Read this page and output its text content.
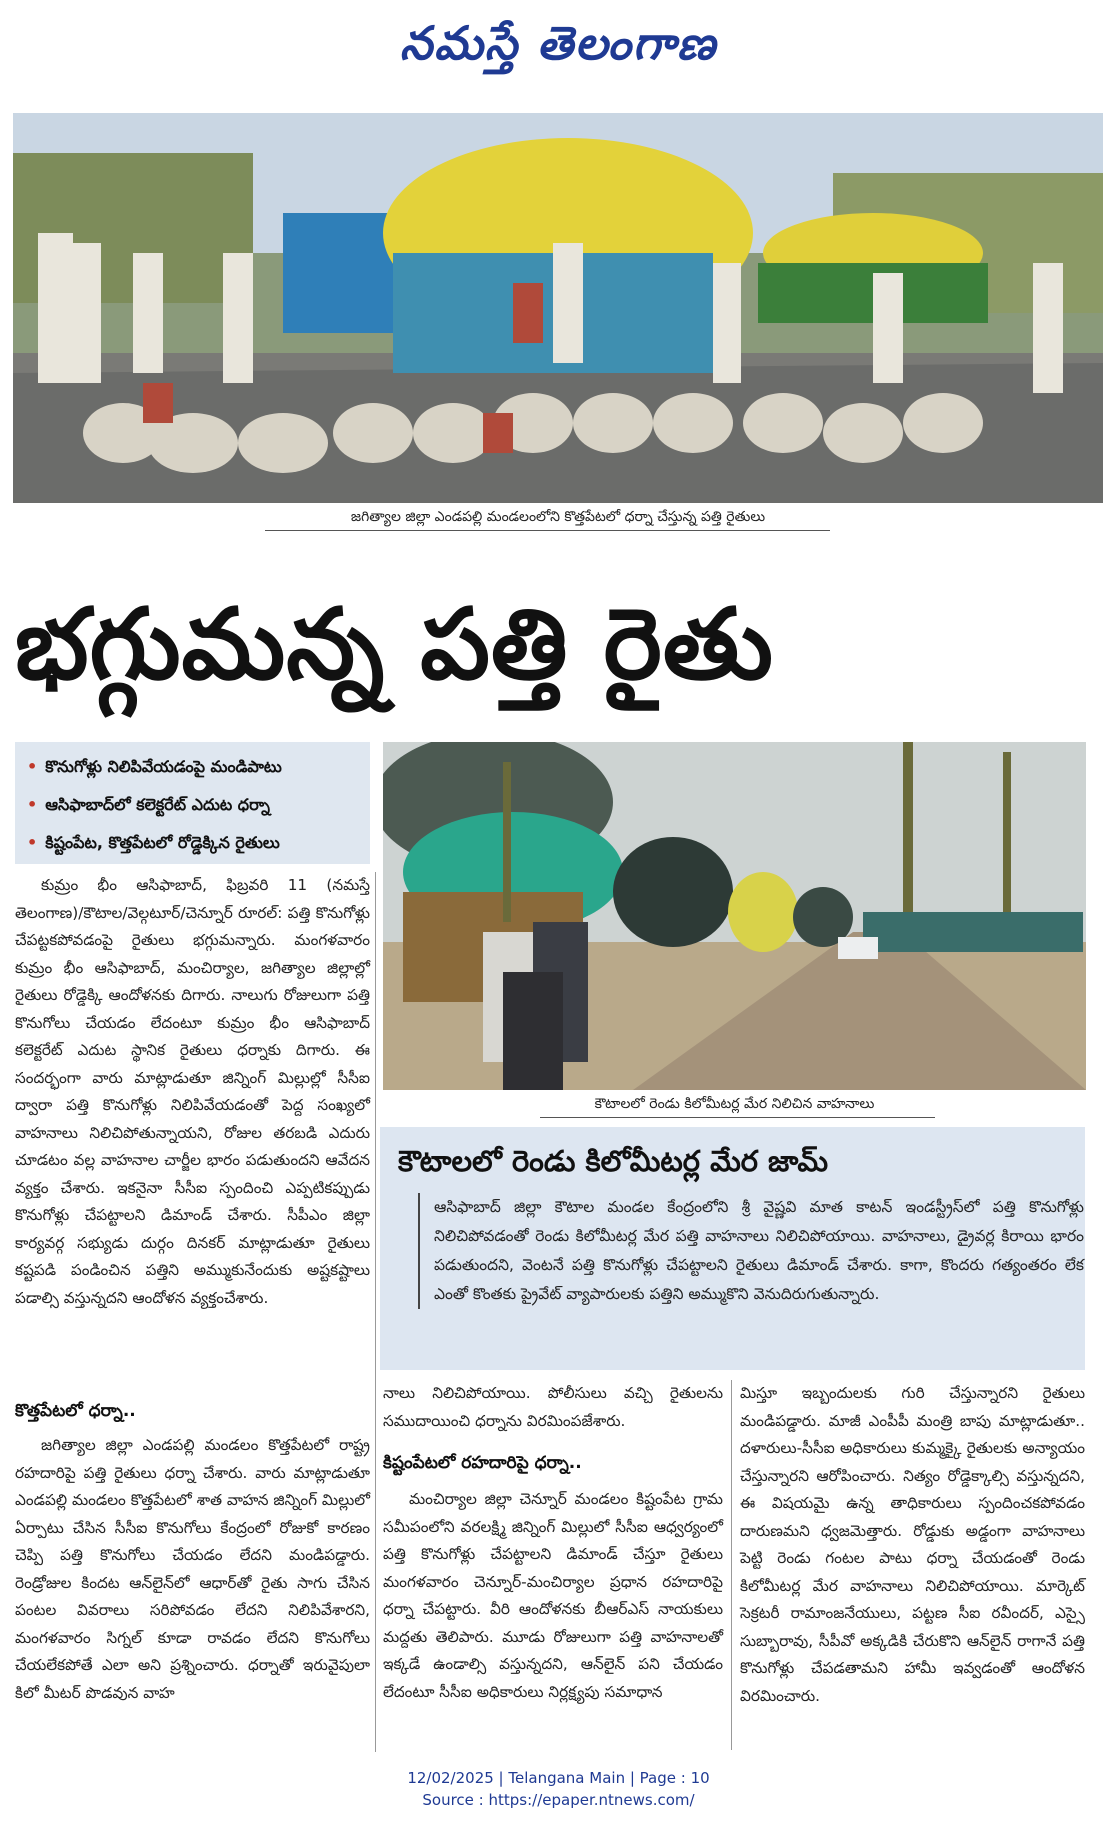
నమస్తే తెలంగాణ
జగిత్యాల జిల్లా ఎండపల్లి మండలంలోని కొత్తపేటలో ధర్నా చేస్తున్న పత్తి రైతులు
భగ్గుమన్న పత్తి రైతు
• కొనుగోళ్లు నిలిపివేయడంపై మండిపాటు
• ఆసిఫాబాద్‌లో కలెక్టరేట్ ఎదుట ధర్నా
• కిష్టంపేట, కొత్తపేటలో రోడ్డెక్కిన రైతులు
కౌటాలలో రెండు కిలోమీటర్ల మేర నిలిచిన వాహనాలు

కుమ్రం భీం ఆసిఫాబాద్, ఫిబ్రవరి 11 (నమస్తే తెలంగాణ)/కౌటాల/వెల్గటూర్/చెన్నూర్ రూరల్: పత్తి కొనుగోళ్లు చేపట్టకపోవడంపై రైతులు భగ్గుమన్నారు. మంగళవారం కుమ్రం భీం ఆసిఫాబాద్, మంచిర్యాల, జగిత్యాల జిల్లాల్లో రైతులు రోడ్డెక్కి ఆందోళనకు దిగారు. నాలుగు రోజులుగా పత్తి కొనుగోలు చేయడం లేదంటూ కుమ్రం భీం ఆసిఫాబాద్ కలెక్టరేట్ ఎదుట స్థానిక రైతులు ధర్నాకు దిగారు. ఈ సందర్భంగా వారు మాట్లాడుతూ జిన్నింగ్ మిల్లుల్లో సీసీఐ ద్వారా పత్తి కొనుగోళ్లు నిలిపివేయడంతో పెద్ద సంఖ్యలో వాహనాలు నిలిచిపోతున్నాయని, రోజుల తరబడి ఎదురు చూడటం వల్ల వాహనాల చార్జీల భారం పడుతుందని ఆవేదన వ్యక్తం చేశారు. ఇకనైనా సీసీఐ స్పందించి ఎప్పటికప్పుడు కొనుగోళ్లు చేపట్టాలని డిమాండ్ చేశారు. సీపీఎం జిల్లా కార్యవర్గ సభ్యుడు దుర్గం దినకర్ మాట్లాడుతూ రైతులు కష్టపడి పండించిన పత్తిని అమ్ముకునేందుకు అష్టకష్టాలు పడాల్సి వస్తున్నదని ఆందోళన వ్యక్తంచేశారు.

కొత్తపేటలో ధర్నా..

జగిత్యాల జిల్లా ఎండపల్లి మండలం కొత్తపేటలో రాష్ట్ర రహదారిపై పత్తి రైతులు ధర్నా చేశారు. వారు మాట్లాడుతూ ఎండపల్లి మండలం కొత్తపేటలో శాత వాహన జిన్నింగ్ మిల్లులో ఏర్పాటు చేసిన సీసీఐ కొనుగోలు కేంద్రంలో రోజుకో కారణం చెప్పి పత్తి కొనుగోలు చేయడం లేదని మండిపడ్డారు. రెండ్రోజుల కిందట ఆన్‌లైన్‌లో ఆధార్‌తో రైతు సాగు చేసిన పంటల వివరాలు సరిపోవడం లేదని నిలిపివేశారని, మంగళవారం సిగ్నల్ కూడా రావడం లేదని కొనుగోలు చేయలేకపోతే ఎలా అని ప్రశ్నించారు. ధర్నాతో ఇరువైపులా కిలో మీటర్ పొడవున వాహ

కౌటాలలో రెండు కిలోమీటర్ల మేర జామ్
ఆసిఫాబాద్ జిల్లా కౌటాల మండల కేంద్రంలోని శ్రీ వైష్ణవి మాత కాటన్ ఇండస్ట్రీస్‌లో పత్తి కొనుగోళ్లు నిలిచిపోవడంతో రెండు కిలోమీటర్ల మేర పత్తి వాహనాలు నిలిచిపోయాయి. వాహనాలు, డ్రైవర్ల కిరాయి భారం పడుతుందని, వెంటనే పత్తి కొనుగోళ్లు చేపట్టాలని రైతులు డిమాండ్ చేశారు. కాగా, కొందరు గత్యంతరం లేక ఎంతో కొంతకు ప్రైవేట్ వ్యాపారులకు పత్తిని అమ్ముకొని వెనుదిరుగుతున్నారు.

నాలు నిలిచిపోయాయి. పోలీసులు వచ్చి రైతులను సముదాయించి ధర్నాను విరమింపజేశారు.

కిష్టంపేటలో రహదారిపై ధర్నా..

మంచిర్యాల జిల్లా చెన్నూర్ మండలం కిష్టంపేట గ్రామ సమీపంలోని వరలక్ష్మి జిన్నింగ్ మిల్లులో సీసీఐ ఆధ్వర్యంలో పత్తి కొనుగోళ్లు చేపట్టాలని డిమాండ్ చేస్తూ రైతులు మంగళవారం చెన్నూర్-మంచిర్యాల ప్రధాన రహదారిపై ధర్నా చేపట్టారు. వీరి ఆందోళనకు బీఆర్ఎస్ నాయకులు మద్దతు తెలిపారు. మూడు రోజులుగా పత్తి వాహనాలతో ఇక్కడే ఉండాల్సి వస్తున్నదని, ఆన్‌లైన్ పని చేయడం లేదంటూ సీసీఐ అధికారులు నిర్లక్ష్యపు సమాధాన

మిస్తూ ఇబ్బందులకు గురి చేస్తున్నారని రైతులు మండిపడ్డారు. మాజీ ఎంపీపీ మంత్రి బాపు మాట్లాడుతూ.. దళారులు-సీసీఐ అధికారులు కుమ్మక్కై రైతులకు అన్యాయం చేస్తున్నారని ఆరోపించారు. నిత్యం రోడ్డెక్కాల్సి వస్తున్నదని, ఈ విషయమై ఉన్న తాధికారులు స్పందించకపోవడం దారుణమని ధ్వజమెత్తారు. రోడ్డుకు అడ్డంగా వాహనాలు పెట్టి రెండు గంటల పాటు ధర్నా చేయడంతో రెండు కిలోమీటర్ల మేర వాహనాలు నిలిచిపోయాయి. మార్కెట్ సెక్రటరీ రామాంజనేయులు, పట్టణ సీఐ రవీందర్, ఎస్సై సుబ్బారావు, సీపీవో అక్కడికి చేరుకొని ఆన్‌లైన్ రాగానే పత్తి కొనుగోళ్లు చేపడతామని హామీ ఇవ్వడంతో ఆందోళన విరమించారు.

12/02/2025 | Telangana Main | Page : 10
Source : https://epaper.ntnews.com/
